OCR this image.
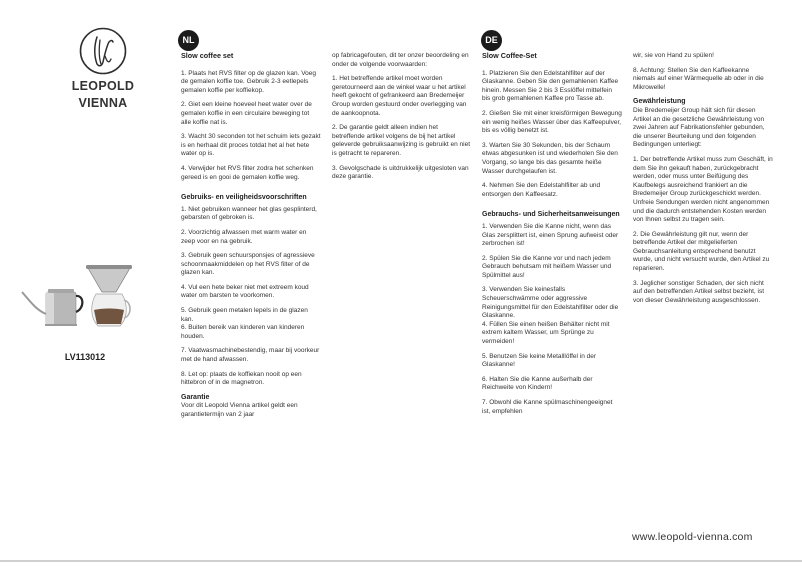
LEOPOLD
VIENNA
LV113012
NL	DE

Slow coffee set

1. Plaats het RVS filter op de glazen kan. Voeg de gemalen koffie toe. Gebruik 2-3 eetlepels gemalen koffie per koffiekop.

2. Giet een kleine hoeveel heet water over de gemalen koffie in een circulaire beweging tot alle koffie nat is.

3. Wacht 30 seconden tot het schuim iets gezakt is en herhaal dit proces totdat het al het hete water op is.

4. Verwijder het RVS filter zodra het schenken gereed is en gooi de gemalen koffie weg.

Gebruiks- en veiligheidsvoorschriften

1. Niet gebruiken wanneer het glas gesplinterd, gebarsten of gebroken is.

2. Voorzichtig afwassen met warm water en zeep voor en na gebruik.

3. Gebruik geen schuursponsjes of agressieve schoonmaakmiddelen op het RVS filter of de glazen kan.

4. Vul een hete beker niet met extreem koud water om barsten te voorkomen.

5. Gebruik geen metalen lepels in de glazen kan.

6. Buiten bereik van kinderen van kinderen houden.

7. Vaatwasmachinebestendig, maar bij voorkeur met de hand afwassen.

8. Let op: plaats de koffiekan nooit op een hittebron of in de magnetron.

Garantie

Voor dit Leopold Vienna artikel geldt een garantietermijn van 2 jaar

op fabricagefouten, dit ter onzer beoordeling en onder de volgende voorwaarden:

1. Het betreffende artikel moet worden geretourneerd aan de winkel waar u het artikel heeft gekocht of gefrankeerd aan Bredemeijer Group worden gestuurd onder overlegging van de aankoopnota.

2. De garantie geldt alleen indien het betreffende artikel volgens de bij het artikel geleverde gebruiksaanwijzing is gebruikt en niet is getracht te repareren.

3. Gevolgschade is uitdrukkelijk uitgesloten van deze garantie.

Slow Coffee-Set

1. Platzieren Sie den Edelstahlfilter auf der Glaskanne. Geben Sie den gemahlenen Kaffee hinein. Messen Sie 2 bis 3 Esslöffel mittelfein bis grob gemahlenen Kaffee pro Tasse ab.

2. Gießen Sie mit einer kreisförmigen Bewegung ein wenig heißes Wasser über das Kaffeepulver, bis es völlig benetzt ist.

3. Warten Sie 30 Sekunden, bis der Schaum etwas abgesunken ist und wiederholen Sie den Vorgang, so lange bis das gesamte heiße Wasser durchgelaufen ist.

4. Nehmen Sie den Edelstahlfilter ab und entsorgen den Kaffeesatz.

Gebrauchs- und Sicherheitsanweisungen

1. Verwenden Sie die Kanne nicht, wenn das Glas zersplittert ist, einen Sprung aufweist oder zerbrochen ist!

2. Spülen Sie die Kanne vor und nach jedem Gebrauch behutsam mit heißem Wasser und Spülmittel aus!

3. Verwenden Sie keinesfalls Scheuerschwämme oder aggressive Reinigungsmittel für den Edelstahlfilter oder die Glaskanne.

4. Füllen Sie einen heißen Behälter nicht mit extrem kaltem Wasser, um Sprünge zu vermeiden!

5. Benutzen Sie keine Metalllöffel in der Glaskanne!

6. Halten Sie die Kanne außerhalb der Reichweite von Kindern!

7. Obwohl die Kanne spülmaschinengeeignet ist, empfehlen

wir, sie von Hand zu spülen!

8. Achtung: Stellen Sie den Kaffeekanne niemals auf einer Wärmequelle ab oder in die Mikrowelle!

Gewährleistung

Die Bredemeijer Group hält sich für diesen Artikel an die gesetzliche Gewährleistung von zwei Jahren auf Fabrikationsfehler gebunden, die unserer Beurteilung und den folgenden Bedingungen unterliegt:

1. Der betreffende Artikel muss zum Geschäft, in dem Sie ihn gekauft haben, zurückgebracht werden, oder muss unter Beifügung des Kaufbelegs ausreichend frankiert an die Bredemeijer Group zurückgeschickt werden. Unfreie Sendungen werden nicht angenommen und die dadurch entstehenden Kosten werden von Ihnen selbst zu tragen sein.

2. Die Gewährleistung gilt nur, wenn der betreffende Artikel der mitgelieferten Gebrauchsanleitung entsprechend benutzt wurde, und nicht versucht wurde, den Artikel zu reparieren.

3. Jeglicher sonstiger Schaden, der sich nicht auf den betreffenden Artikel selbst bezieht, ist von dieser Gewährleistung ausgeschlossen.

www.leopold-vienna.com
